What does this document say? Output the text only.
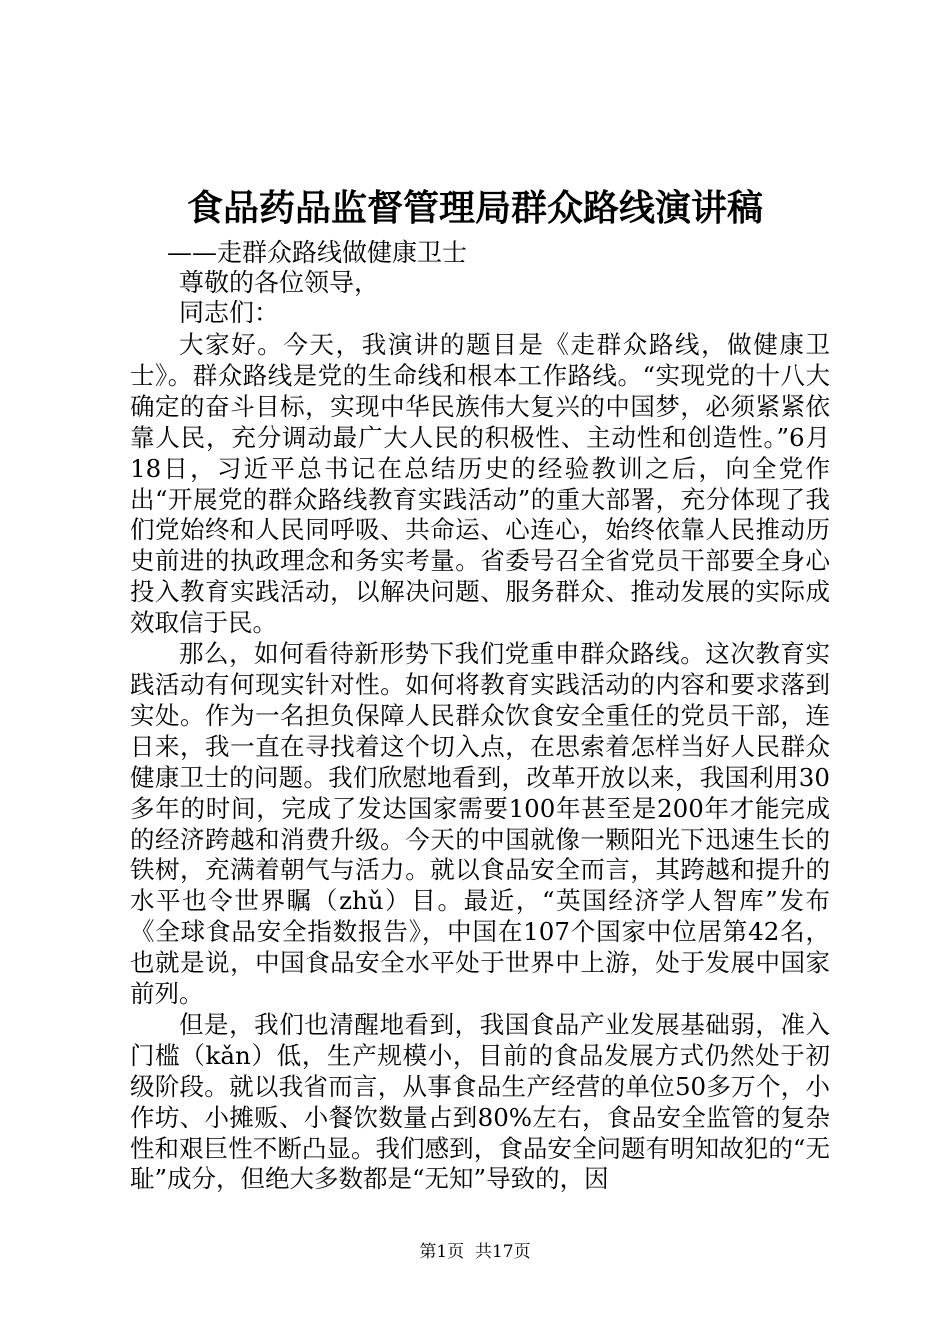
食品药品监督管理局群众路线演讲稿
——走群众路线做健康卫士
尊敬的各位领导，
同志们：

大家好。今天，我演讲的题目是《走群众路线，做健康卫士》。群众路线是党的生命线和根本工作路线。“实现党的十八大确定的奋斗目标，实现中华民族伟大复兴的中国梦，必须紧紧依靠人民，充分调动最广大人民的积极性、主动性和创造性。”6月18日，习近平总书记在总结历史的经验教训之后，向全党作出“开展党的群众路线教育实践活动”的重大部署，充分体现了我们党始终和人民同呼吸、共命运、心连心，始终依靠人民推动历史前进的执政理念和务实考量。省委号召全省党员干部要全身心投入教育实践活动，以解决问题、服务群众、推动发展的实际成效取信于民。

那么，如何看待新形势下我们党重申群众路线。这次教育实践活动有何现实针对性。如何将教育实践活动的内容和要求落到实处。作为一名担负保障人民群众饮食安全重任的党员干部，连日来，我一直在寻找着这个切入点，在思索着怎样当好人民群众健康卫士的问题。我们欣慰地看到，改革开放以来，我国利用30多年的时间，完成了发达国家需要100年甚至是200年才能完成的经济跨越和消费升级。今天的中国就像一颗阳光下迅速生长的铁树，充满着朝气与活力。就以食品安全而言，其跨越和提升的水平也令世界瞩（zhǔ）目。最近，“英国经济学人智库”发布《全球食品安全指数报告》，中国在107个国家中位居第42名，也就是说，中国食品安全水平处于世界中上游，处于发展中国家前列。

但是，我们也清醒地看到，我国食品产业发展基础弱，准入门槛（kǎn）低，生产规模小，目前的食品发展方式仍然处于初级阶段。就以我省而言，从事食品生产经营的单位50多万个，小作坊、小摊贩、小餐饮数量占到80%左右，食品安全监管的复杂性和艰巨性不断凸显。我们感到，食品安全问题有明知故犯的“无耻”成分，但绝大多数都是“无知”导致的，因

第1页  共17页
